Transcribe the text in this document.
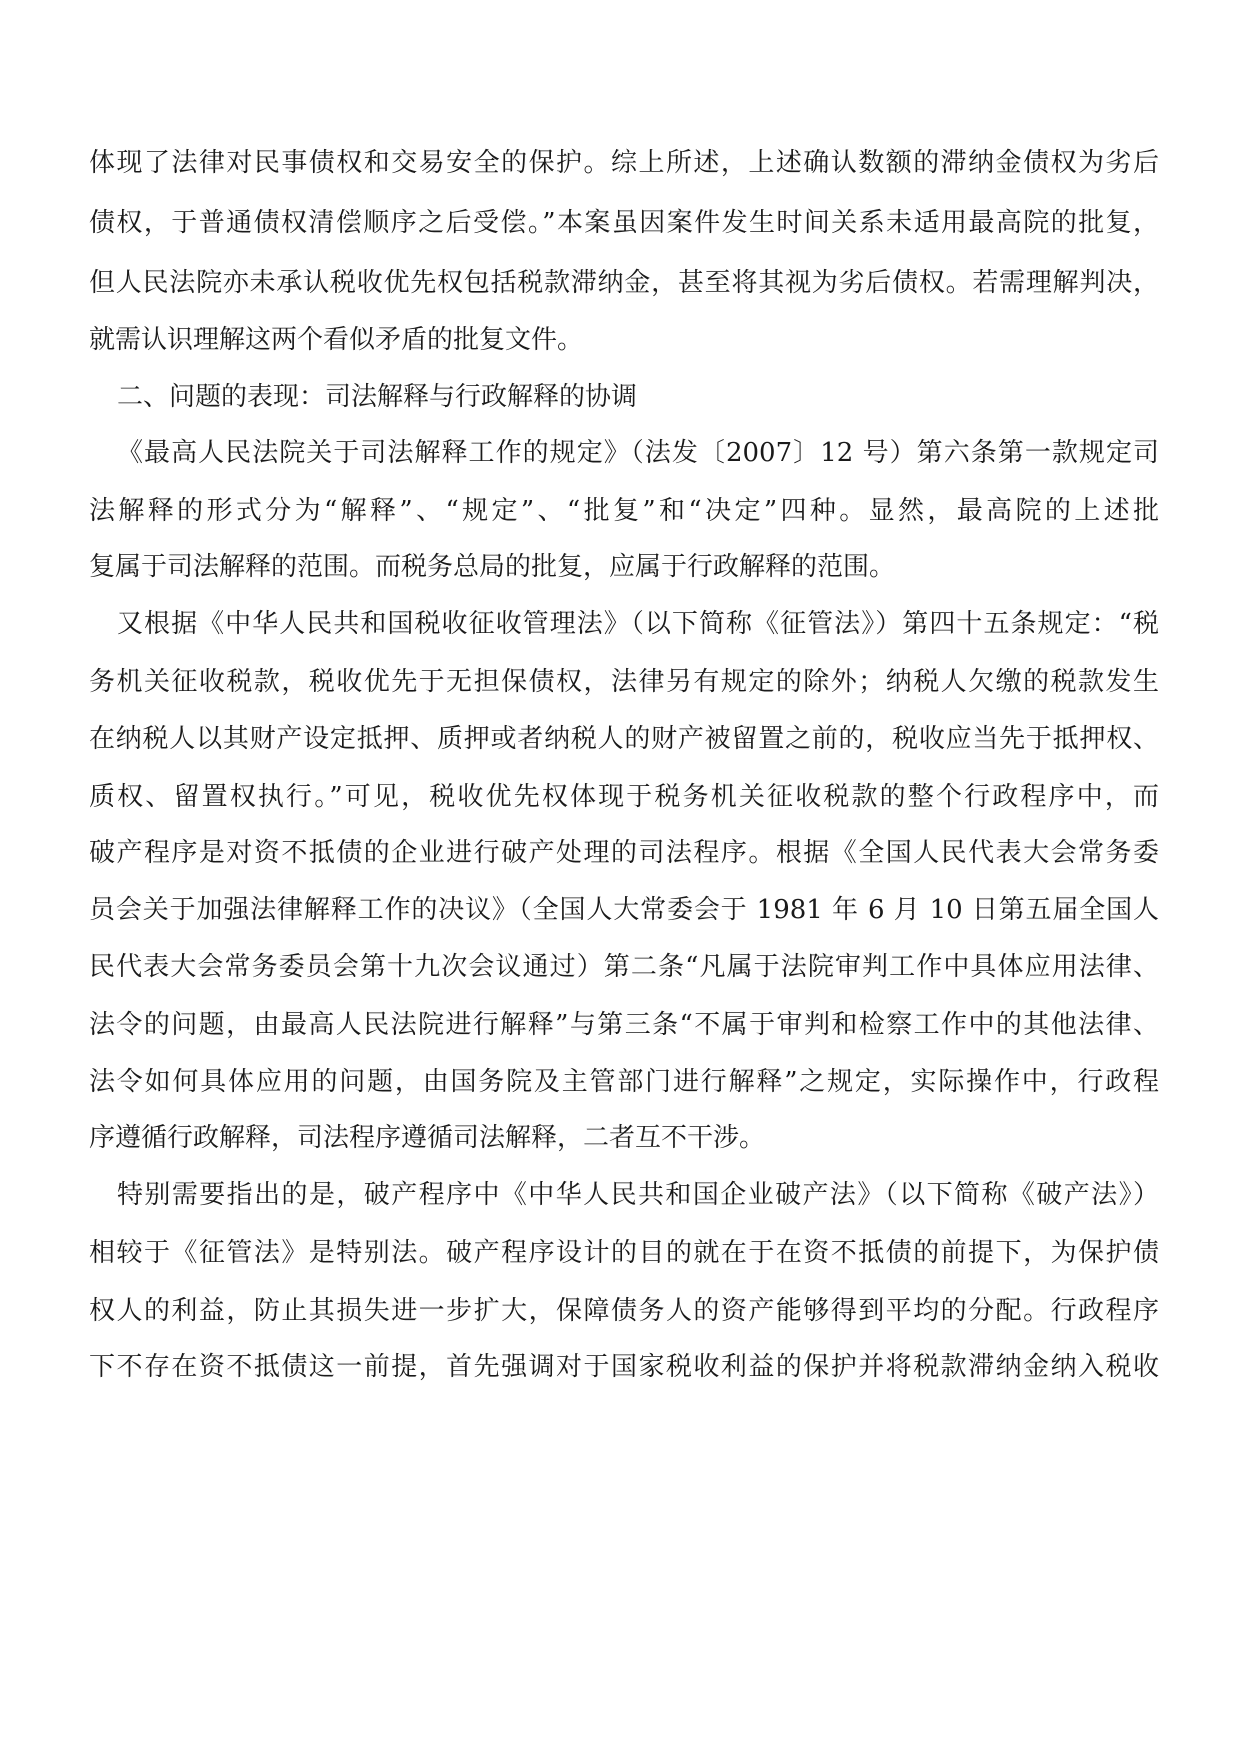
体现了法律对民事债权和交易安全的保护。综上所述，上述确认数额的滞纳金债权为劣后
债权，于普通债权清偿顺序之后受偿。”本案虽因案件发生时间关系未适用最高院的批复，
但人民法院亦未承认税收优先权包括税款滞纳金，甚至将其视为劣后债权。若需理解判决，
就需认识理解这两个看似矛盾的批复文件。
二、问题的表现：司法解释与行政解释的协调
《最高人民法院关于司法解释工作的规定》（法发〔2007〕12 号）第六条第一款规定司
法解释的形式分为“解释”、“规定”、“批复”和“决定”四种。显然，最高院的上述批
复属于司法解释的范围。而税务总局的批复，应属于行政解释的范围。
又根据《中华人民共和国税收征收管理法》（以下简称《征管法》）第四十五条规定：“税
务机关征收税款，税收优先于无担保债权，法律另有规定的除外；纳税人欠缴的税款发生
在纳税人以其财产设定抵押、质押或者纳税人的财产被留置之前的，税收应当先于抵押权、
质权、留置权执行。”可见，税收优先权体现于税务机关征收税款的整个行政程序中，而
破产程序是对资不抵债的企业进行破产处理的司法程序。根据《全国人民代表大会常务委
员会关于加强法律解释工作的决议》（全国人大常委会于 1981 年 6 月 10 日第五届全国人
民代表大会常务委员会第十九次会议通过）第二条“凡属于法院审判工作中具体应用法律、
法令的问题，由最高人民法院进行解释”与第三条“不属于审判和检察工作中的其他法律、
法令如何具体应用的问题，由国务院及主管部门进行解释”之规定，实际操作中，行政程
序遵循行政解释，司法程序遵循司法解释，二者互不干涉。
特别需要指出的是，破产程序中《中华人民共和国企业破产法》（以下简称《破产法》）
相较于《征管法》是特别法。破产程序设计的目的就在于在资不抵债的前提下，为保护债
权人的利益，防止其损失进一步扩大，保障债务人的资产能够得到平均的分配。行政程序
下不存在资不抵债这一前提，首先强调对于国家税收利益的保护并将税款滞纳金纳入税收
